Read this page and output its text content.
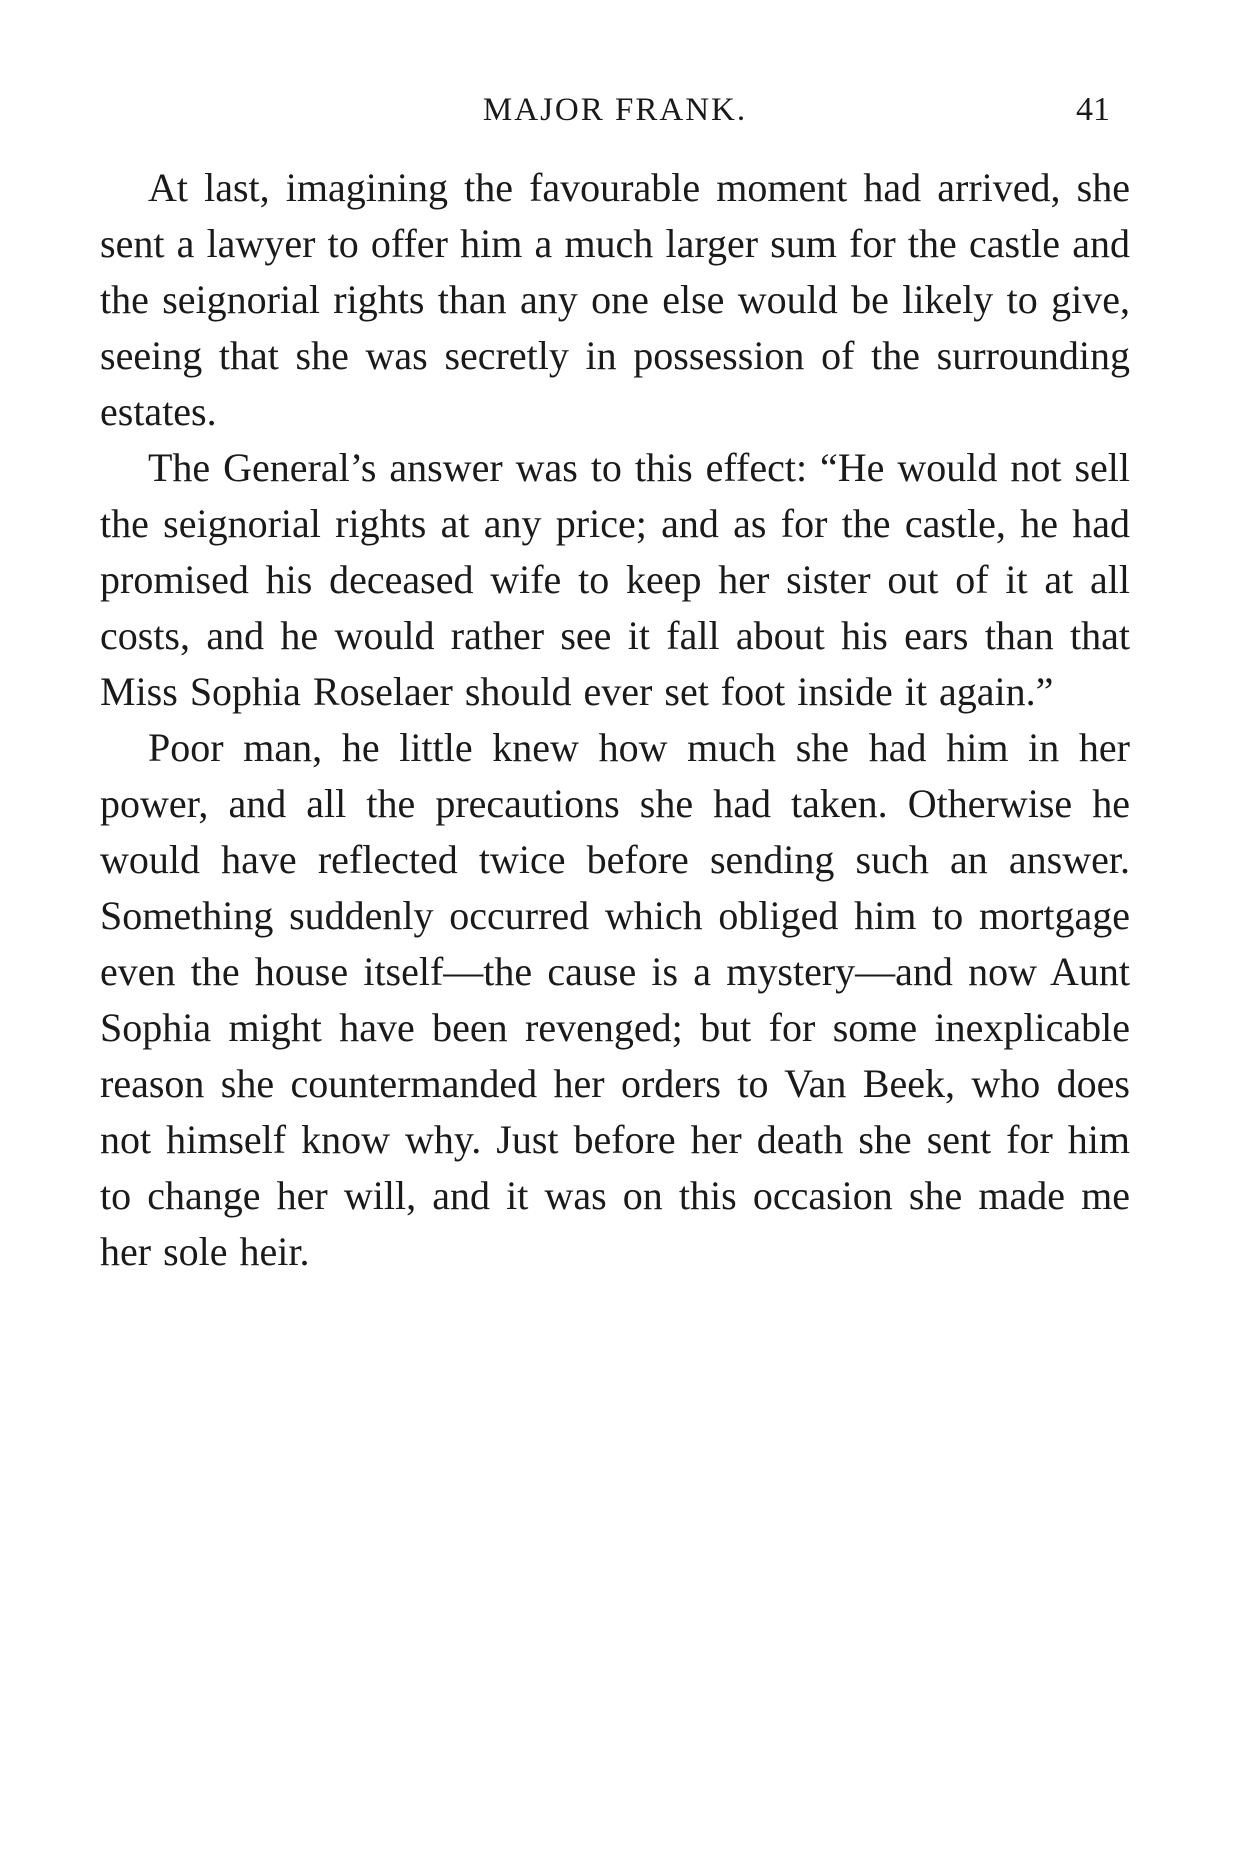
MAJOR FRANK.	41

At last, imagining the favourable moment had arrived, she sent a lawyer to offer him a much larger sum for the castle and the seignorial rights than any one else would be likely to give, seeing that she was secretly in possession of the surrounding estates.

The General’s answer was to this effect: “He would not sell the seignorial rights at any price; and as for the castle, he had promised his deceased wife to keep her sister out of it at all costs, and he would rather see it fall about his ears than that Miss Sophia Roselaer should ever set foot inside it again.”

Poor man, he little knew how much she had him in her power, and all the precautions she had taken. Otherwise he would have reflected twice before sending such an answer. Something suddenly occurred which obliged him to mortgage even the house itself—the cause is a mystery—and now Aunt Sophia might have been revenged; but for some inexplicable reason she countermanded her orders to Van Beek, who does not himself know why. Just before her death she sent for him to change her will, and it was on this occasion she made me her sole heir.
